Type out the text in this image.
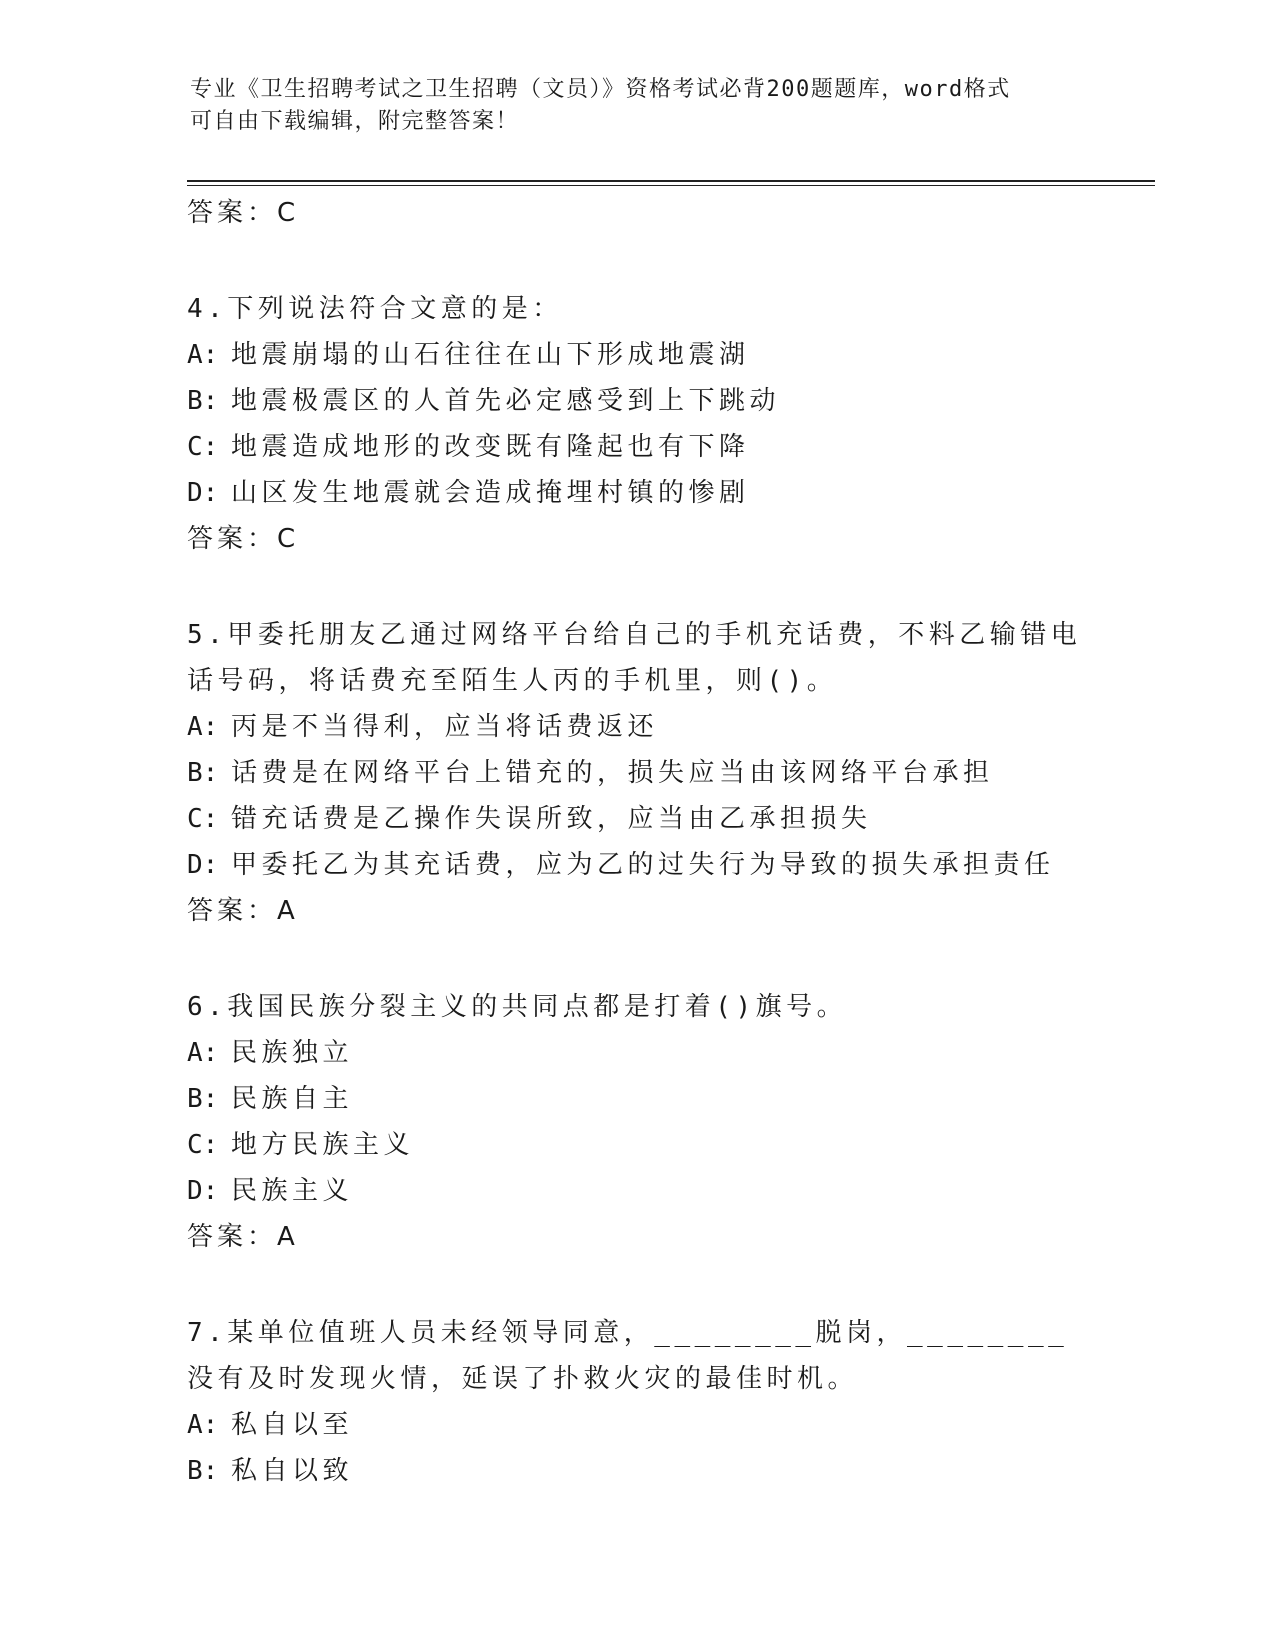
专业《卫生招聘考试之卫生招聘（文员）》资格考试必背200题题库，word格式
可自由下载编辑，附完整答案！
答案：C
4.下列说法符合文意的是：
A: 地震崩塌的山石往往在山下形成地震湖
B: 地震极震区的人首先必定感受到上下跳动
C: 地震造成地形的改变既有隆起也有下降
D: 山区发生地震就会造成掩埋村镇的惨剧
答案：C
5.甲委托朋友乙通过网络平台给自己的手机充话费，不料乙输错电话号码，将话费充至陌生人丙的手机里，则()。
A: 丙是不当得利，应当将话费返还
B: 话费是在网络平台上错充的，损失应当由该网络平台承担
C: 错充话费是乙操作失误所致，应当由乙承担损失
D: 甲委托乙为其充话费，应为乙的过失行为导致的损失承担责任
答案：A
6.我国民族分裂主义的共同点都是打着()旗号。
A: 民族独立
B: 民族自主
C: 地方民族主义
D: 民族主义
答案：A
7.某单位值班人员未经领导同意，________脱岗，________没有及时发现火情，延误了扑救火灾的最佳时机。
A: 私自以至
B: 私自以致
